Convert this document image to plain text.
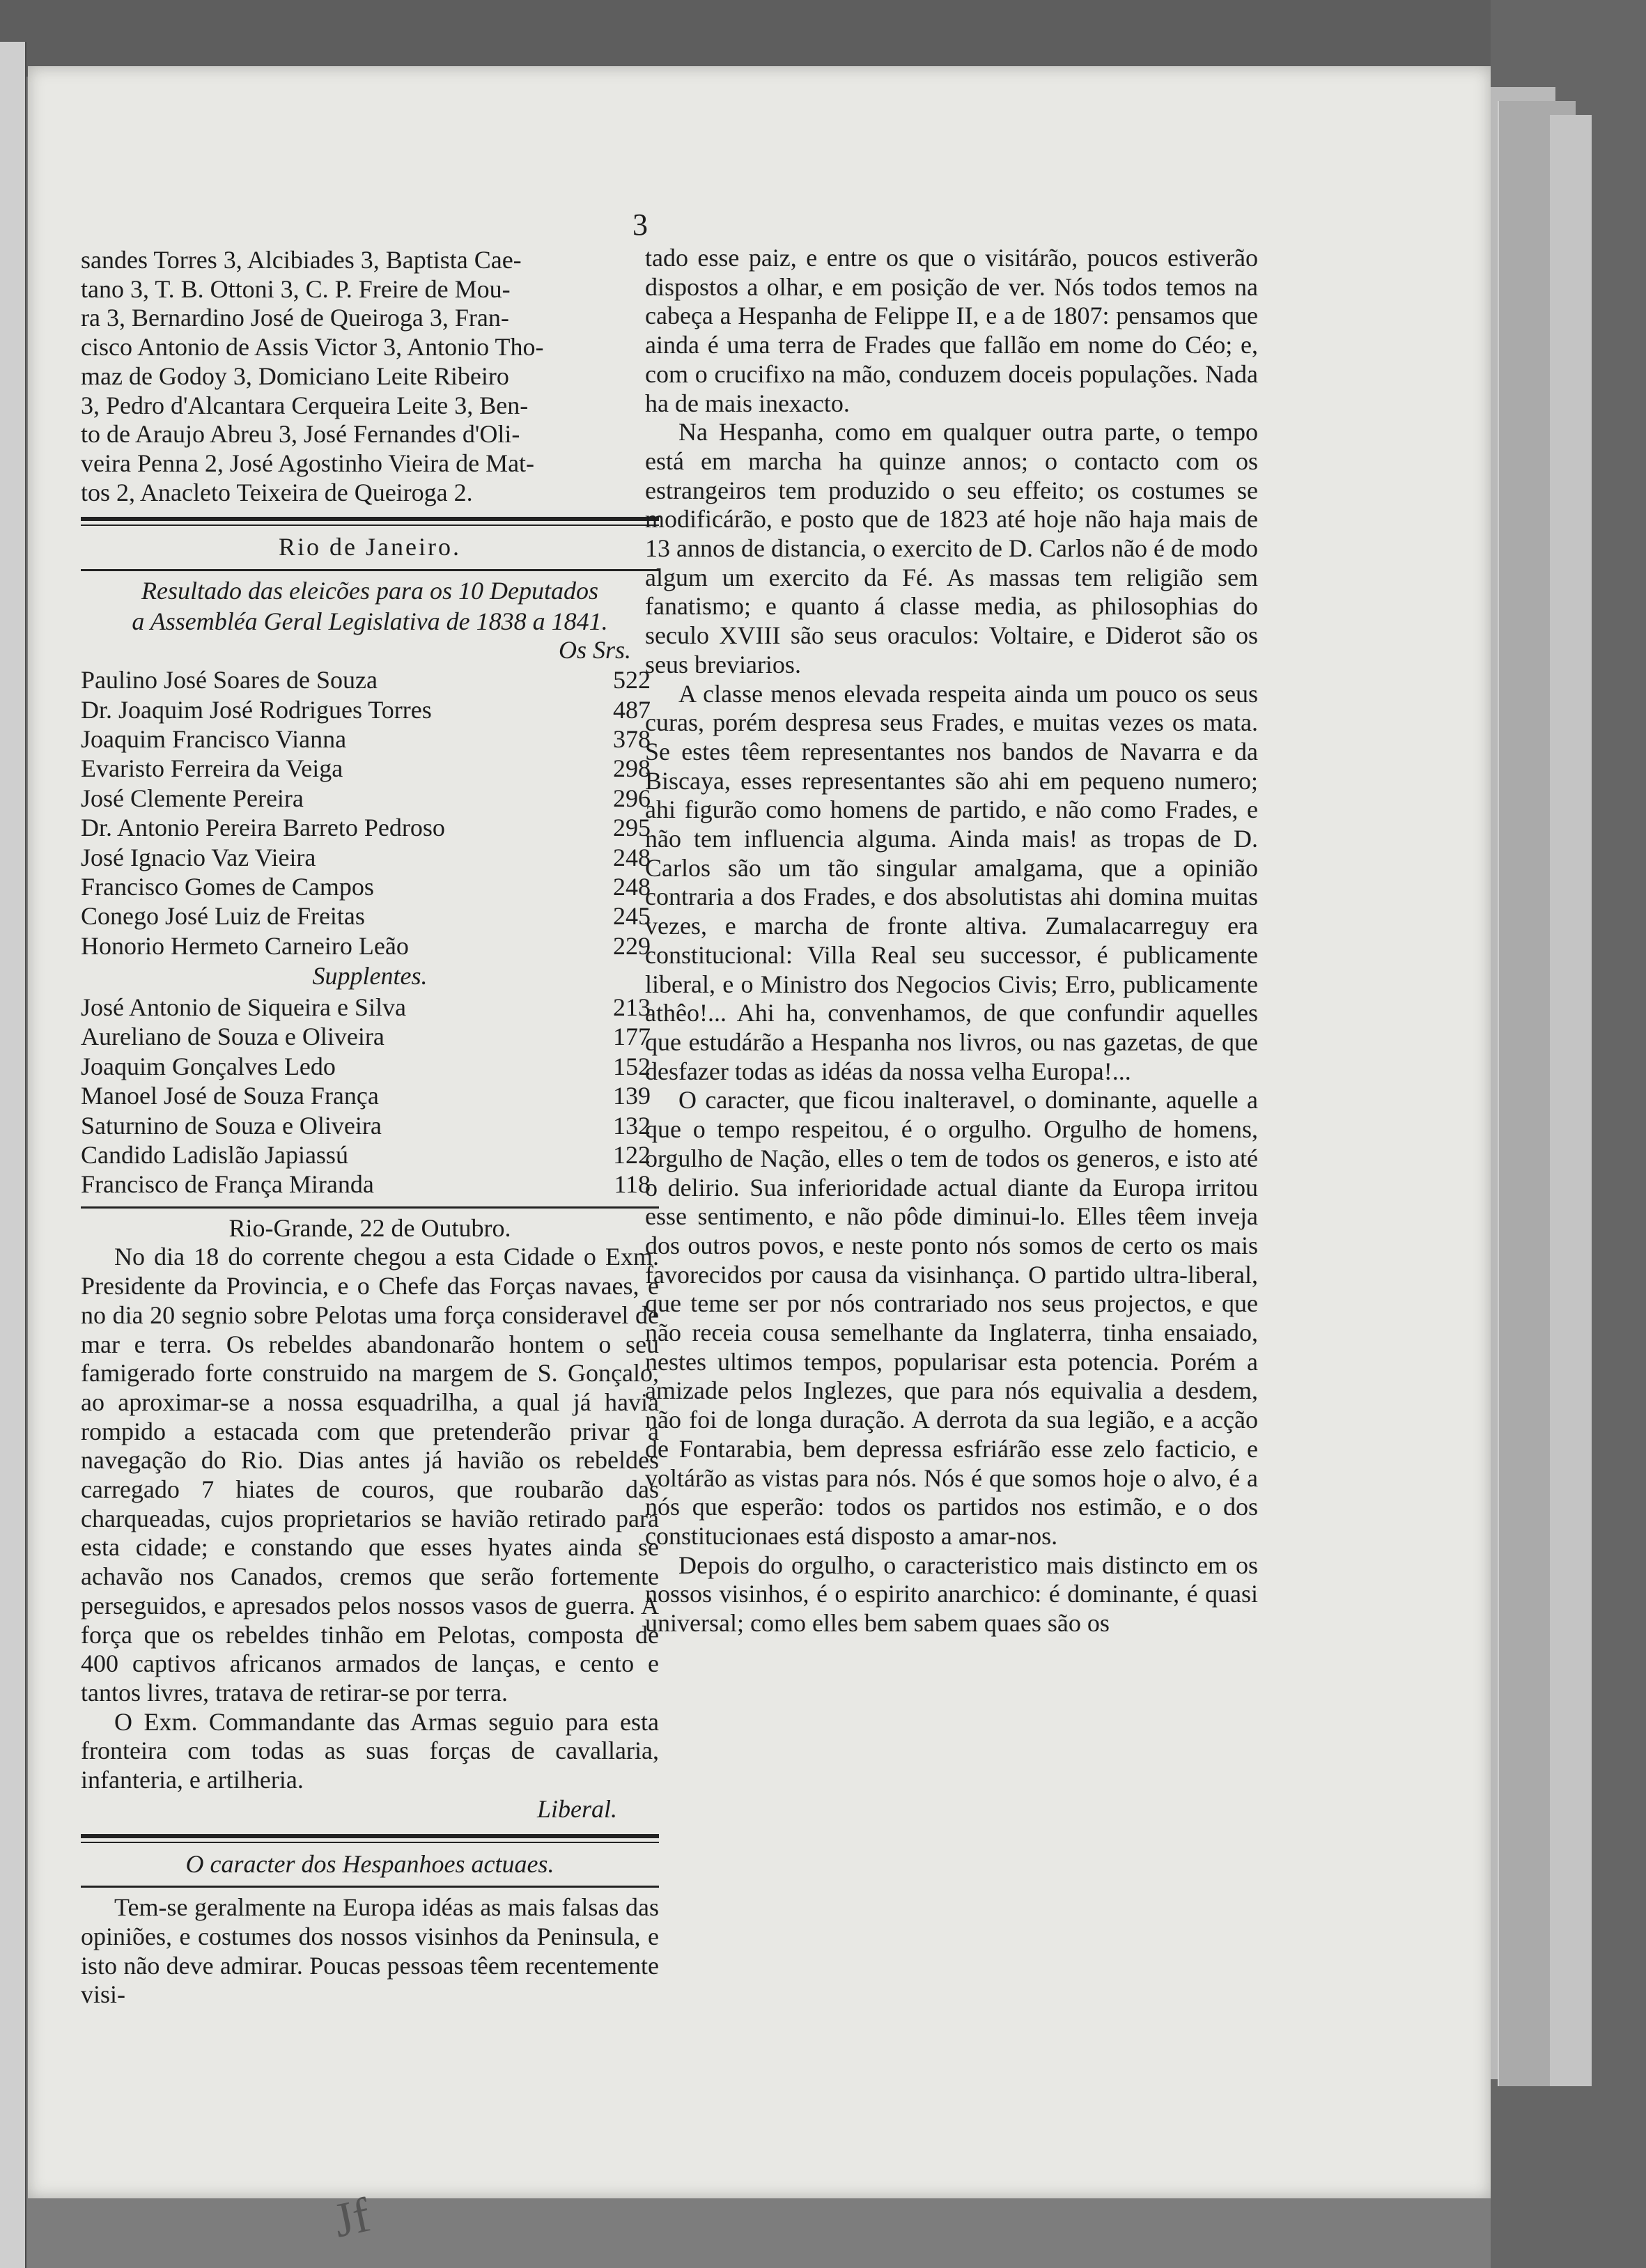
3
sandes Torres 3, Alcibiades 3, Baptista Cae-
tano 3, T. B. Ottoni 3, C. P. Freire de Mou-
ra 3, Bernardino José de Queiroga 3, Fran-
cisco Antonio de Assis Victor 3, Antonio Tho-
maz de Godoy 3, Domiciano Leite Ribeiro
3, Pedro d'Alcantara Cerqueira Leite 3, Ben-
to de Araujo Abreu 3, José Fernandes d'Oli-
veira Penna 2, José Agostinho Vieira de Mat-
tos 2, Anacleto Teixeira de Queiroga 2.

Rio de Janeiro.

Resultado das eleicões para os 10 Deputados

a Assembléa Geral Legislativa de 1838 a 1841.

Os Srs.

Paulino José Soares de Souza	522
Dr. Joaquim José Rodrigues Torres	487
Joaquim Francisco Vianna	378
Evaristo Ferreira da Veiga	298
José Clemente Pereira	296
Dr. Antonio Pereira Barreto Pedroso	295
José Ignacio Vaz Vieira	248
Francisco Gomes de Campos	248
Conego José Luiz de Freitas	245
Honorio Hermeto Carneiro Leão	229

Supplentes.

José Antonio de Siqueira e Silva	213
Aureliano de Souza e Oliveira	177
Joaquim Gonçalves Ledo	152
Manoel José de Souza França	139
Saturnino de Souza e Oliveira	132
Candido Ladislão Japiassú	122
Francisco de França Miranda	118

Rio-Grande, 22 de Outubro.

No dia 18 do corrente chegou a esta Cidade o Exm. Presidente da Provincia, e o Chefe das Forças navaes, e no dia 20 segnio sobre Pelotas uma força consideravel de mar e terra. Os rebeldes abandonarão hontem o seu famigerado forte construido na margem de S. Gonçalo, ao aproximar-se a nossa esquadrilha, a qual já havia rompido a estacada com que pretenderão privar a navegação do Rio. Dias antes já havião os rebeldes carregado 7 hiates de couros, que roubarão das charqueadas, cujos proprietarios se havião retirado para esta cidade; e constando que esses hyates ainda se achavão nos Canados, cremos que serão fortemente perseguidos, e apresados pelos nossos vasos de guerra. A força que os rebeldes tinhão em Pelotas, composta de 400 captivos africanos armados de lanças, e cento e tantos livres, tratava de retirar-se por terra.

O Exm. Commandante das Armas seguio para esta fronteira com todas as suas forças de cavallaria, infanteria, e artilheria.

Liberal.

O caracter dos Hespanhoes actuaes.

Tem-se geralmente na Europa idéas as mais falsas das opiniões, e costumes dos nossos visinhos da Peninsula, e isto não deve admirar. Poucas pessoas têem recentemente visi-

tado esse paiz, e entre os que o visitárão, poucos estiverão dispostos a olhar, e em posição de ver. Nós todos temos na cabeça a Hespanha de Felippe II, e a de 1807: pensamos que ainda é uma terra de Frades que fallão em nome do Céo; e, com o crucifixo na mão, conduzem doceis populações. Nada ha de mais inexacto.

Na Hespanha, como em qualquer outra parte, o tempo está em marcha ha quinze annos; o contacto com os estrangeiros tem produzido o seu effeito; os costumes se modificárão, e posto que de 1823 até hoje não haja mais de 13 annos de distancia, o exercito de D. Carlos não é de modo algum um exercito da Fé. As massas tem religião sem fanatismo; e quanto á classe media, as philosophias do seculo XVIII são seus oraculos: Voltaire, e Diderot são os seus breviarios.

A classe menos elevada respeita ainda um pouco os seus curas, porém despresa seus Frades, e muitas vezes os mata. Se estes têem representantes nos bandos de Navarra e da Biscaya, esses representantes são ahi em pequeno numero; ahi figurão como homens de partido, e não como Frades, e não tem influencia alguma. Ainda mais! as tropas de D. Carlos são um tão singular amalgama, que a opinião contraria a dos Frades, e dos absolutistas ahi domina muitas vezes, e marcha de fronte altiva. Zumalacarreguy era constitucional: Villa Real seu successor, é publicamente liberal, e o Ministro dos Negocios Civis; Erro, publicamente athêo!... Ahi ha, convenhamos, de que confundir aquelles que estudárão a Hespanha nos livros, ou nas gazetas, de que desfazer todas as idéas da nossa velha Europa!...

O caracter, que ficou inalteravel, o dominante, aquelle a que o tempo respeitou, é o orgulho. Orgulho de homens, orgulho de Nação, elles o tem de todos os generos, e isto até o delirio. Sua inferioridade actual diante da Europa irritou esse sentimento, e não pôde diminui-lo. Elles têem inveja dos outros povos, e neste ponto nós somos de certo os mais favorecidos por causa da visinhança. O partido ultra-liberal, que teme ser por nós contrariado nos seus projectos, e que não receia cousa semelhante da Inglaterra, tinha ensaiado, nestes ultimos tempos, popularisar esta potencia. Porém a amizade pelos Inglezes, que para nós equivalia a desdem, não foi de longa duração. A derrota da sua legião, e a acção de Fontarabia, bem depressa esfriárão esse zelo facticio, e voltárão as vistas para nós. Nós é que somos hoje o alvo, é a nós que esperão: todos os partidos nos estimão, e o dos constitucionaes está disposto a amar-nos.

Depois do orgulho, o caracteristico mais distincto em os nossos visinhos, é o espirito anarchico: é dominante, é quasi universal; como elles bem sabem quaes são os

Jf
